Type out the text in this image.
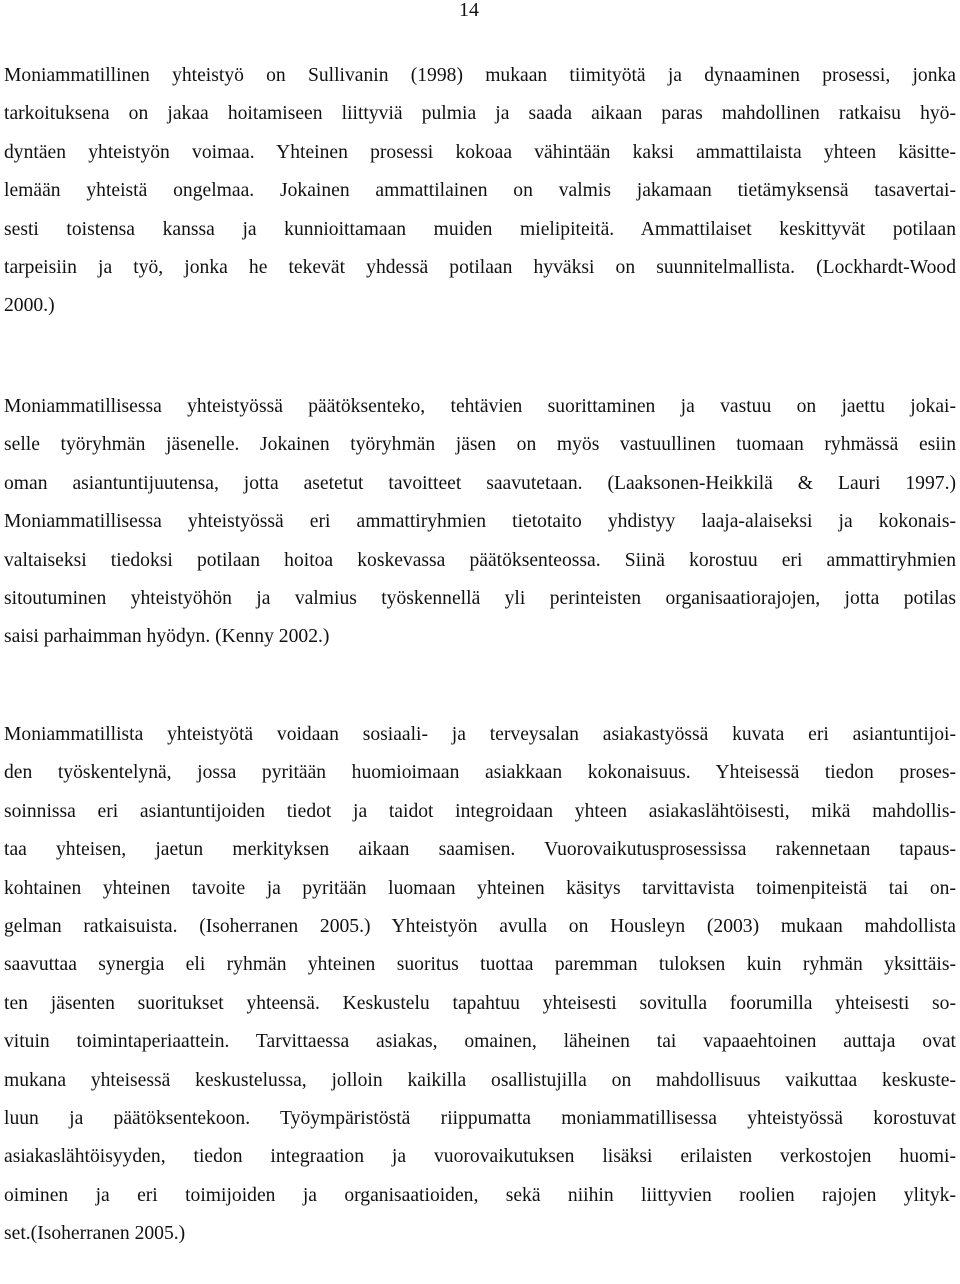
14
Moniammatillinen yhteistyö on Sullivanin (1998) mukaan tiimityötä ja dynaaminen prosessi, jonka
tarkoituksena on jakaa hoitamiseen liittyviä pulmia ja saada aikaan paras mahdollinen ratkaisu hyö-
dyntäen yhteistyön voimaa. Yhteinen prosessi kokoaa vähintään kaksi ammattilaista yhteen käsitte-
lemään yhteistä ongelmaa. Jokainen ammattilainen on valmis jakamaan tietämyksensä tasavertai-
sesti toistensa kanssa ja kunnioittamaan muiden mielipiteitä. Ammattilaiset keskittyvät potilaan
tarpeisiin ja työ, jonka he tekevät yhdessä potilaan hyväksi on suunnitelmallista. (Lockhardt-Wood
2000.)
Moniammatillisessa yhteistyössä päätöksenteko, tehtävien suorittaminen ja vastuu on jaettu jokai-
selle työryhmän jäsenelle. Jokainen työryhmän jäsen on myös vastuullinen tuomaan ryhmässä esiin
oman asiantuntijuutensa, jotta asetetut tavoitteet saavutetaan. (Laaksonen-Heikkilä & Lauri 1997.)
Moniammatillisessa yhteistyössä eri ammattiryhmien tietotaito yhdistyy laaja-alaiseksi ja kokonais-
valtaiseksi tiedoksi potilaan hoitoa koskevassa päätöksenteossa. Siinä korostuu eri ammattiryhmien
sitoutuminen yhteistyöhön ja valmius työskennellä yli perinteisten organisaatiorajojen, jotta potilas
saisi parhaimman hyödyn. (Kenny 2002.)
Moniammatillista yhteistyötä voidaan sosiaali- ja terveysalan asiakastyössä kuvata eri asiantuntijoi-
den työskentelynä, jossa pyritään huomioimaan asiakkaan kokonaisuus. Yhteisessä tiedon proses-
soinnissa eri asiantuntijoiden tiedot ja taidot integroidaan yhteen asiakaslähtöisesti, mikä mahdollis-
taa yhteisen, jaetun merkityksen aikaan saamisen. Vuorovaikutusprosessissa rakennetaan tapaus-
kohtainen yhteinen tavoite ja pyritään luomaan yhteinen käsitys tarvittavista toimenpiteistä tai on-
gelman ratkaisuista. (Isoherranen 2005.) Yhteistyön avulla on Housleyn (2003) mukaan mahdollista
saavuttaa synergia eli ryhmän yhteinen suoritus tuottaa paremman tuloksen kuin ryhmän yksittäis-
ten jäsenten suoritukset yhteensä. Keskustelu tapahtuu yhteisesti sovitulla foorumilla yhteisesti so-
vituin toimintaperiaattein. Tarvittaessa asiakas, omainen, läheinen tai vapaaehtoinen auttaja ovat
mukana yhteisessä keskustelussa, jolloin kaikilla osallistujilla on mahdollisuus vaikuttaa keskuste-
luun ja päätöksentekoon. Työympäristöstä riippumatta moniammatillisessa yhteistyössä korostuvat
asiakaslähtöisyyden, tiedon integraation ja vuorovaikutuksen lisäksi erilaisten verkostojen huomi-
oiminen ja eri toimijoiden ja organisaatioiden, sekä niihin liittyvien roolien rajojen ylityk-
set.(Isoherranen 2005.)
